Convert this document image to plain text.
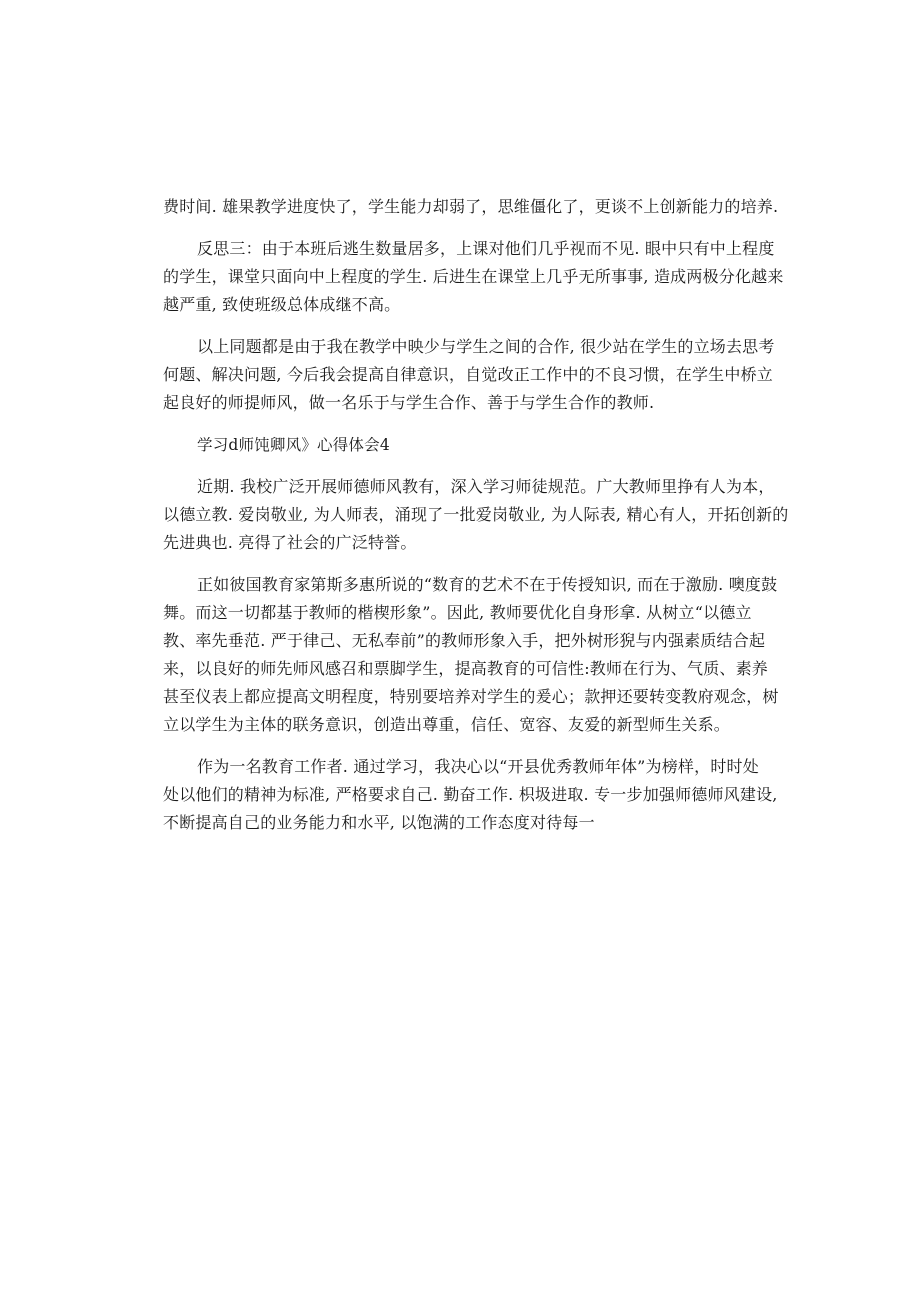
费时间. 雄果教学进度快了，学生能力却弱了，思维僵化了，更谈不上创新能力的培养.
反思三：由于本班后逃生数量居多，上课对他们几乎视而不见. 眼中只有中上程度
的学生，课堂只面向中上程度的学生. 后进生在课堂上几乎无所事事, 造成两极分化越来
越严重, 致使班级总体成继不高。
以上同题都是由于我在教学中映少与学生之间的合作, 很少站在学生的立场去思考
何题、解决问题, 今后我会提高自律意识，自觉改正工作中的不良习惯，在学生中桥立
起良好的师提师风，做一名乐于与学生合作、善于与学生合作的教师.
学习d师饨卿风》心得体会4
近期. 我校广泛开展师德师风教有，深入学习师徒规范。广大教师里挣有人为本，
以德立教. 爱岗敬业, 为人师表，涌现了一批爱岗敬业, 为人际表, 精心有人，开拓创新的
先进典也. 亮得了社会的广泛特誉。
正如彼国教育家第斯多惠所说的“数育的艺术不在于传授知识, 而在于激励. 噢度鼓
舞。而这一切都基于教师的楷楔形象”。因此, 教师要优化自身形拿. 从树立“以德立
教、率先垂范. 严于律己、无私奉前”的教师形象入手，把外树形猊与内强素质结合起
来，以良好的师先师风感召和票脚学生，提高教育的可信性:教师在行为、气质、素养
甚至仪表上都应提高文明程度，特别要培养对学生的爰心；款押还要转变教府观念，树
立以学生为主体的联务意识，创造出尊重，信任、宽容、友爱的新型师生关系。
作为一名教育工作者. 通过学习，我决心以“开县优秀教师年体”为榜样，时时处
处以他们的精神为标准, 严格要求自己. 勤奋工作. 枳圾进取. 专一步加强师德师风建设,
不断提高自己的业务能力和水平, 以饱满的工作态度对待每一
